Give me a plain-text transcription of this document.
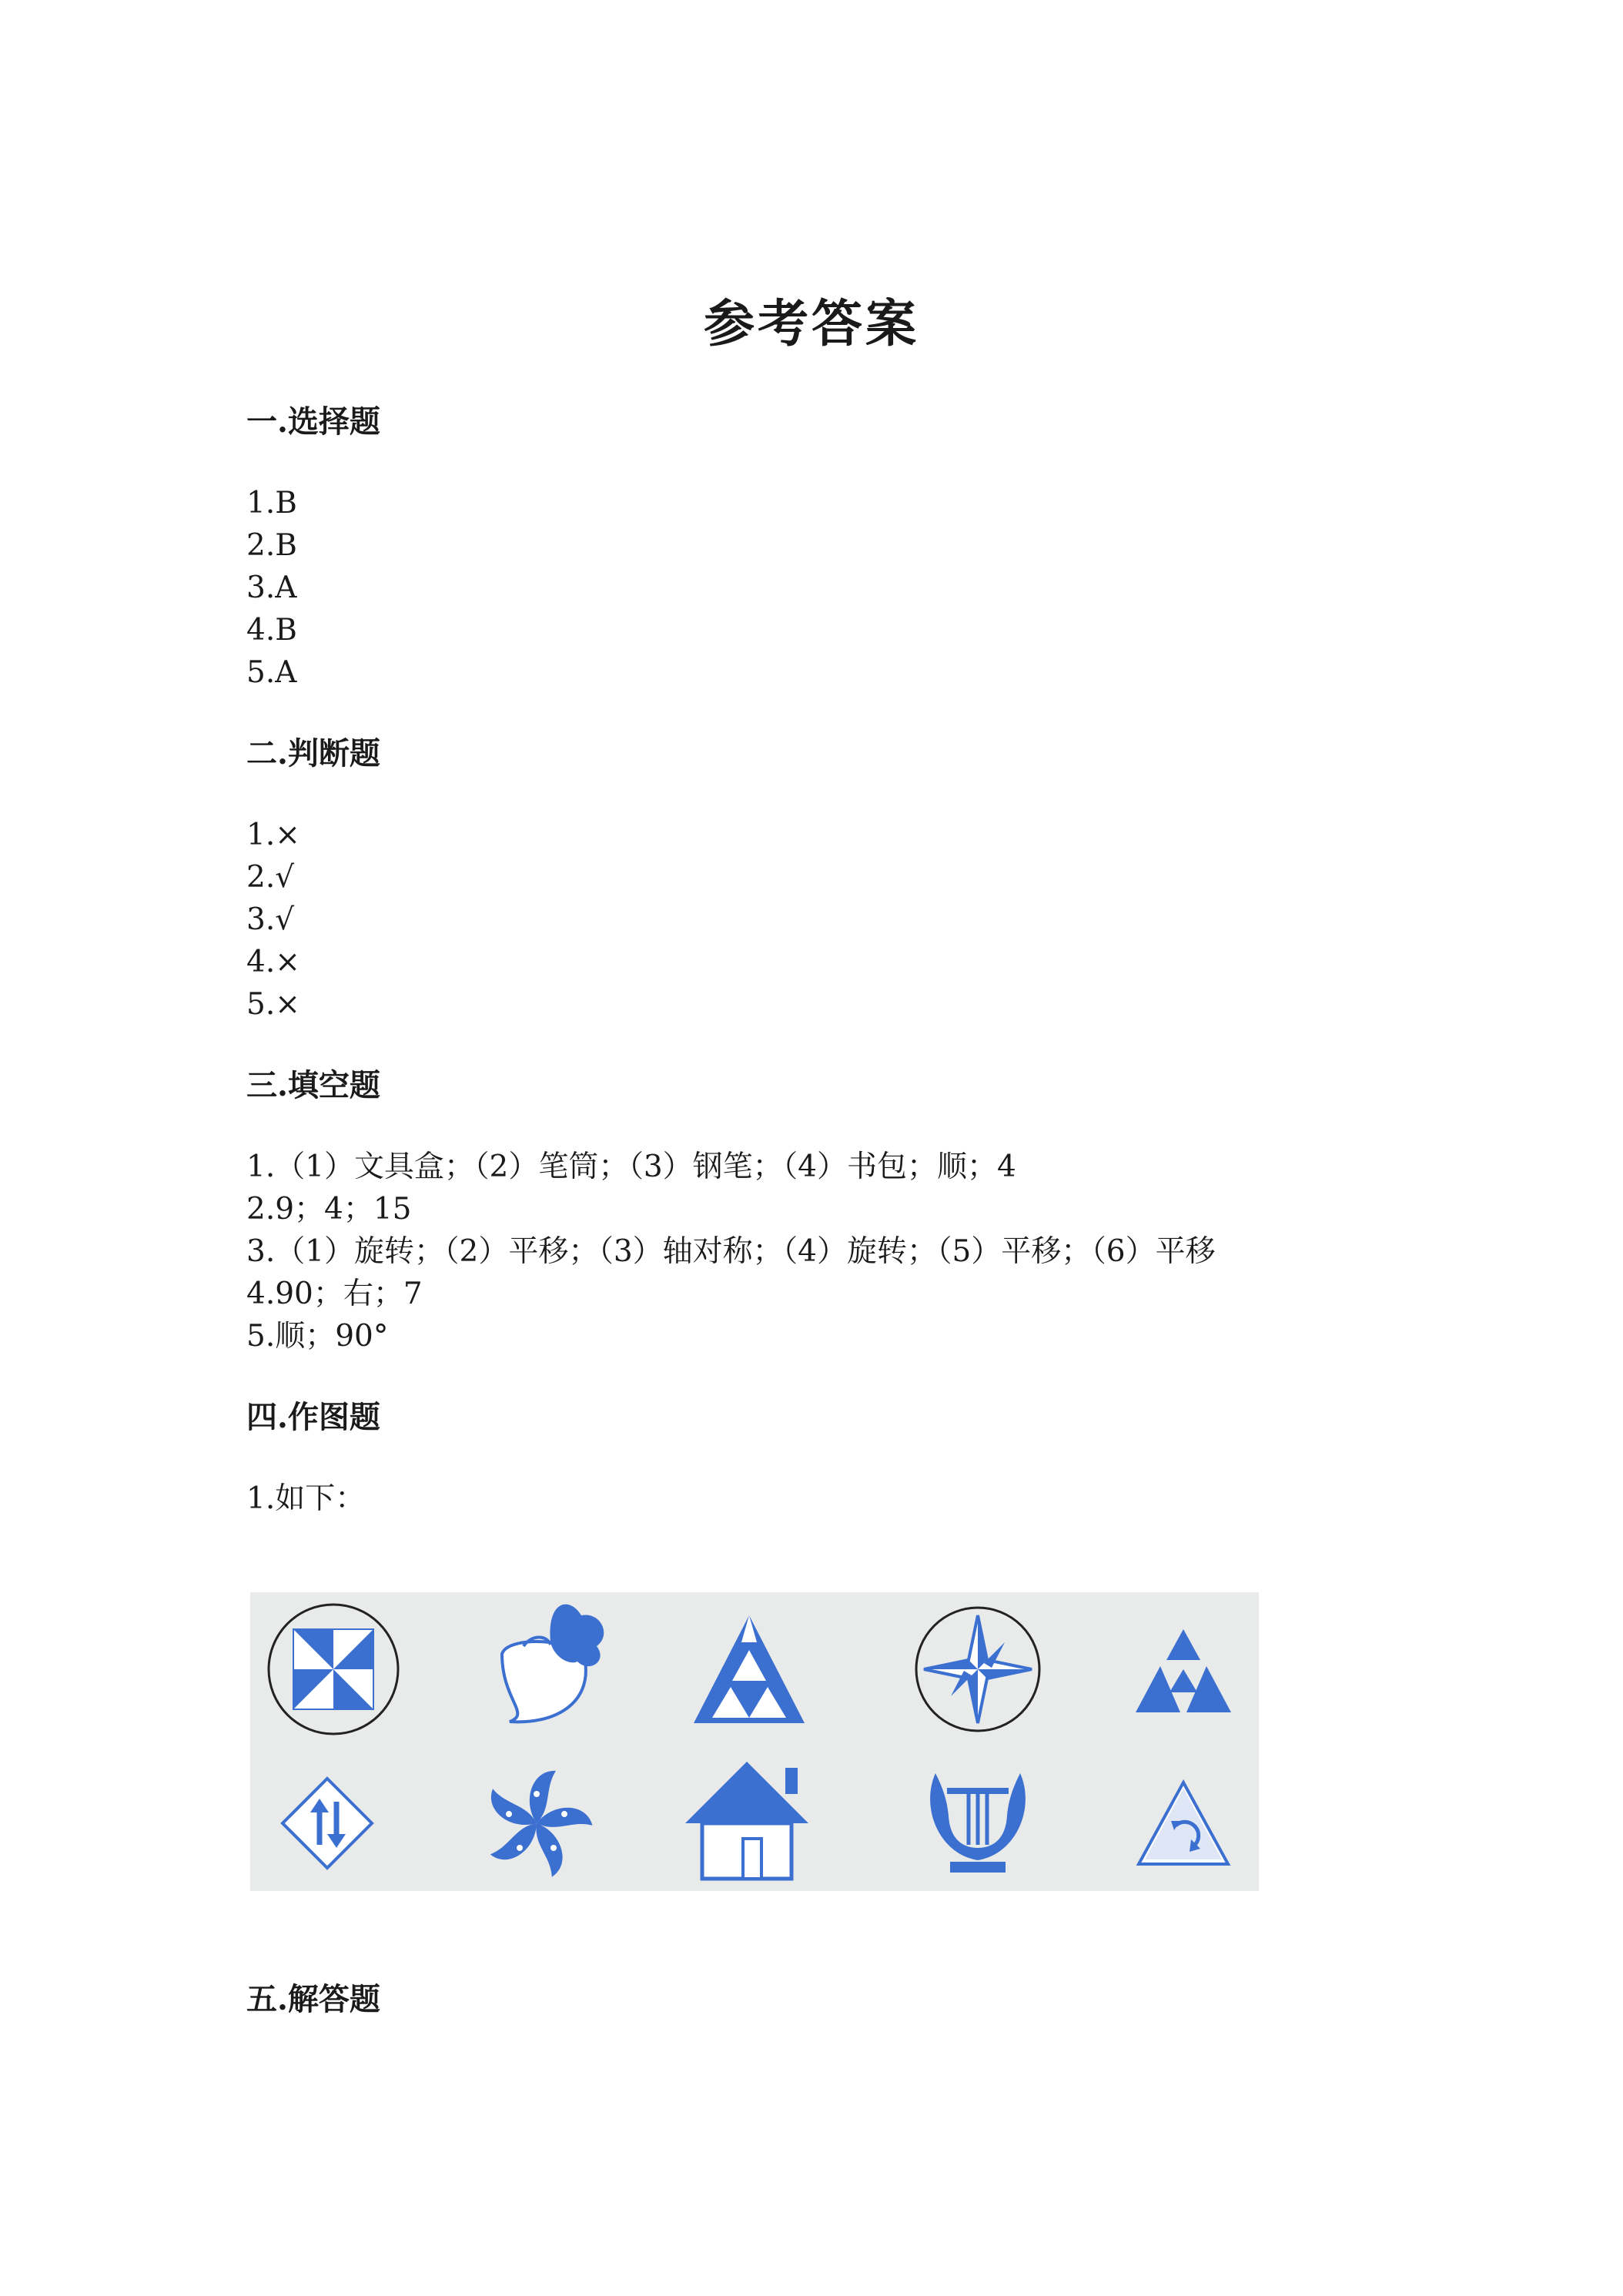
参考答案
一.选择题
1.B
2.B
3.A
4.B
5.A
二.判断题
1.×
2.√
3.√
4.×
5.×
三.填空题
1.（1）文具盒；（2）笔筒；（3）钢笔；（4）书包；顺；4
2.9；4；15
3.（1）旋转；（2）平移；（3）轴对称；（4）旋转；（5）平移；（6）平移
4.90；右；7
5.顺；90°
四.作图题
1.如下：
五.解答题
